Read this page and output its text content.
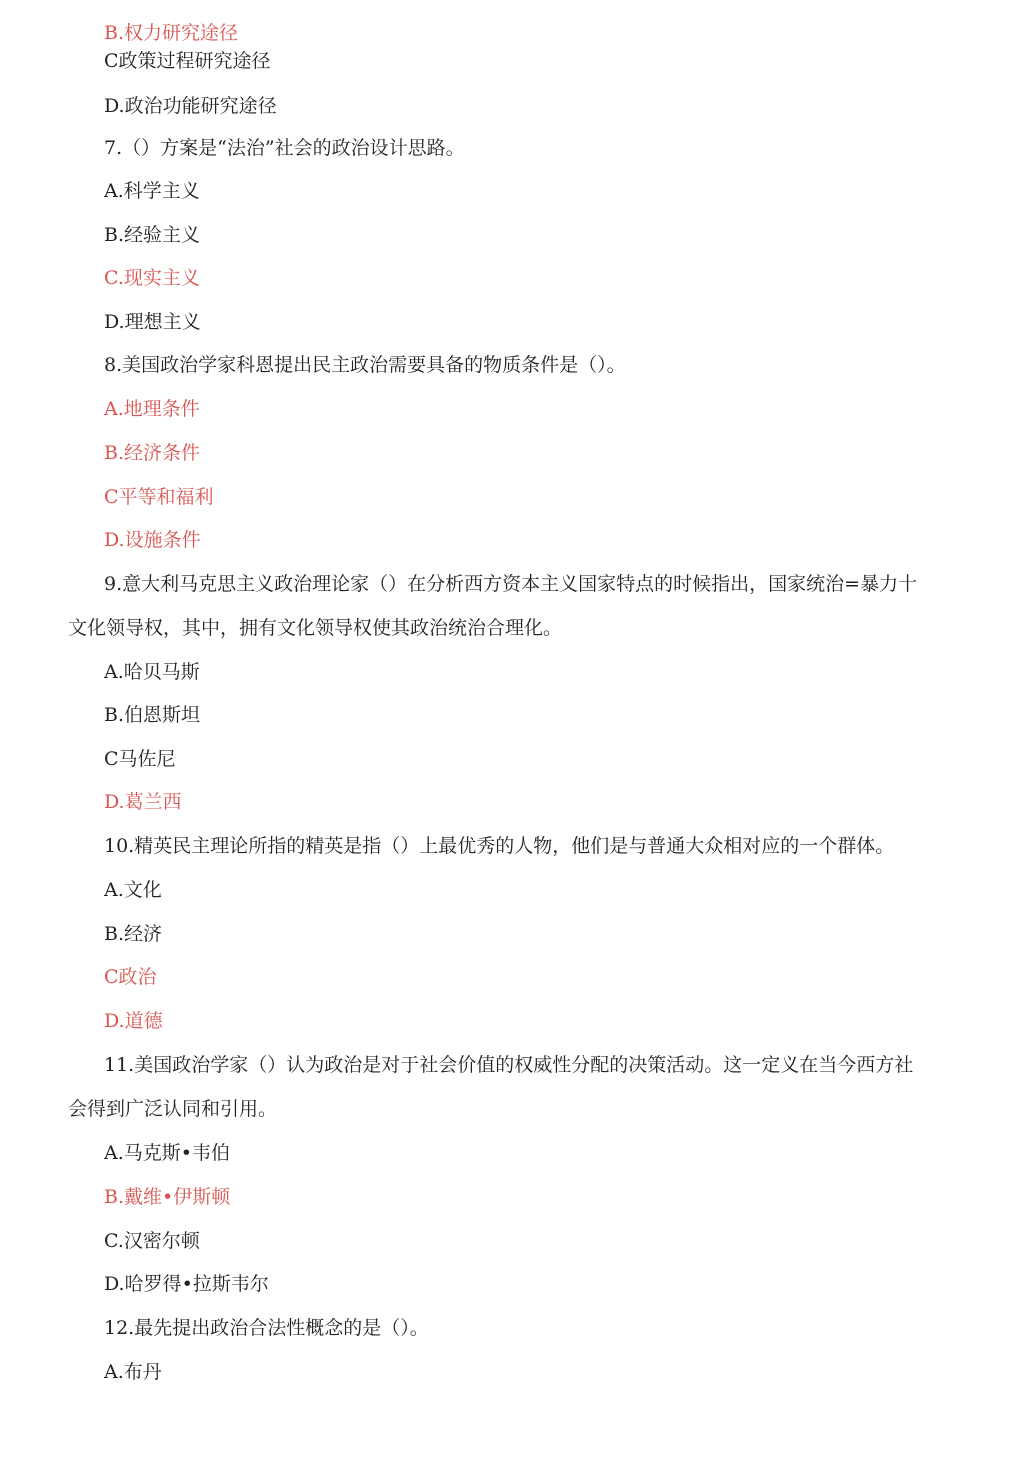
B.权力研究途径

C政策过程研究途径

D.政治功能研究途径

7.（）方案是“法治”社会的政治设计思路。

A.科学主义

B.经验主义

C.现实主义

D.理想主义

8.美国政治学家科恩提出民主政治需要具备的物质条件是（）。

A.地理条件

B.经济条件

C平等和福利

D.设施条件

9.意大利马克思主义政治理论家（）在分析西方资本主义国家特点的时候指出，国家统治=暴力十

文化领导权，其中，拥有文化领导权使其政治统治合理化。

A.哈贝马斯

B.伯恩斯坦

C马佐尼

D.葛兰西

10.精英民主理论所指的精英是指（）上最优秀的人物，他们是与普通大众相对应的一个群体。

A.文化

B.经济

C政治

D.道德

11.美国政治学家（）认为政治是对于社会价值的权威性分配的决策活动。这一定义在当今西方社

会得到广泛认同和引用。

A.马克斯•韦伯

B.戴维•伊斯顿

C.汉密尔顿

D.哈罗得•拉斯韦尔

12.最先提出政治合法性概念的是（）。

A.布丹
